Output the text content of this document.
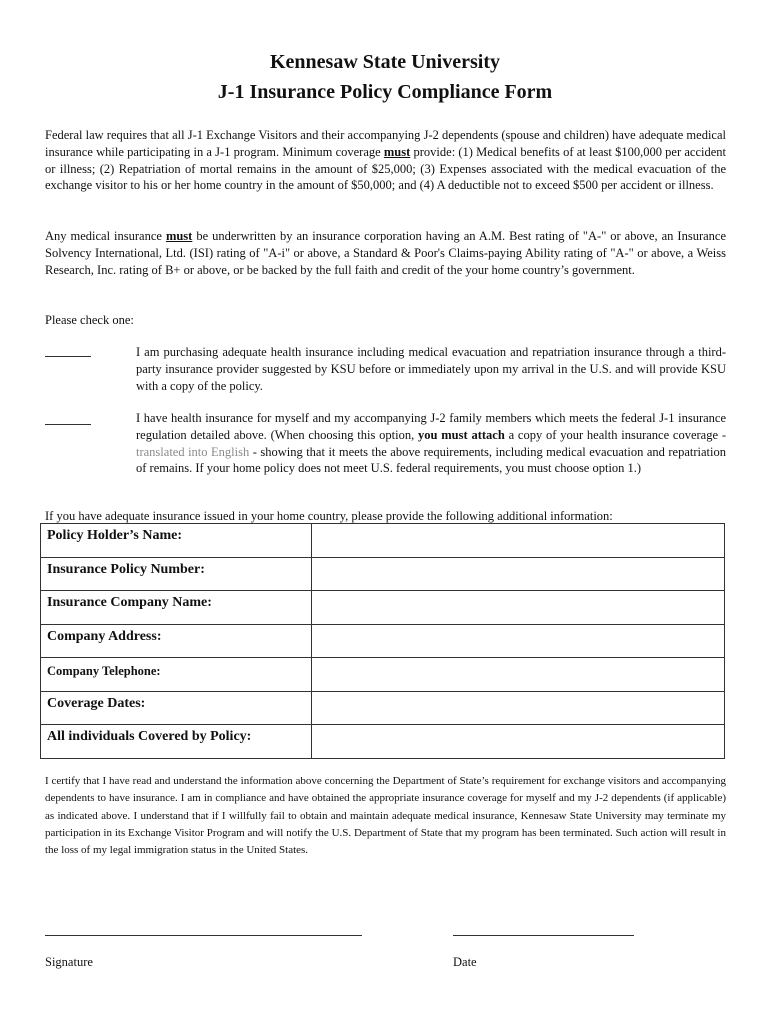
Kennesaw State University
J-1 Insurance Policy Compliance Form
Federal law requires that all J-1 Exchange Visitors and their accompanying J-2 dependents (spouse and children) have adequate medical insurance while participating in a J-1 program. Minimum coverage must provide: (1) Medical benefits of at least $100,000 per accident or illness; (2) Repatriation of mortal remains in the amount of $25,000; (3) Expenses associated with the medical evacuation of the exchange visitor to his or her home country in the amount of $50,000; and (4) A deductible not to exceed $500 per accident or illness.
Any medical insurance must be underwritten by an insurance corporation having an A.M. Best rating of "A-" or above, an Insurance Solvency International, Ltd. (ISI) rating of "A-i" or above, a Standard & Poor's Claims-paying Ability rating of "A-" or above, a Weiss Research, Inc. rating of B+ or above, or be backed by the full faith and credit of the your home country’s government.
Please check one:
I am purchasing adequate health insurance including medical evacuation and repatriation insurance through a third-party insurance provider suggested by KSU before or immediately upon my arrival in the U.S. and will provide KSU with a copy of the policy.
I have health insurance for myself and my accompanying J-2 family members which meets the federal J-1 insurance regulation detailed above. (When choosing this option, you must attach a copy of your health insurance coverage - translated into English - showing that it meets the above requirements, including medical evacuation and repatriation of remains. If your home policy does not meet U.S. federal requirements, you must choose option 1.)
If you have adequate insurance issued in your home country, please provide the following additional information:
Policy Holder’s Name:	
Insurance Policy Number:	
Insurance Company Name:	
Company Address:	
Company Telephone:	
Coverage Dates:	
All individuals Covered by Policy:	
I certify that I have read and understand the information above concerning the Department of State’s requirement for exchange visitors and accompanying dependents to have insurance. I am in compliance and have obtained the appropriate insurance coverage for myself and my J-2 dependents (if applicable) as indicated above. I understand that if I willfully fail to obtain and maintain adequate medical insurance, Kennesaw State University may terminate my participation in its Exchange Visitor Program and will notify the U.S. Department of State that my program has been terminated. Such action will result in the loss of my legal immigration status in the United States.
Signature	Date
